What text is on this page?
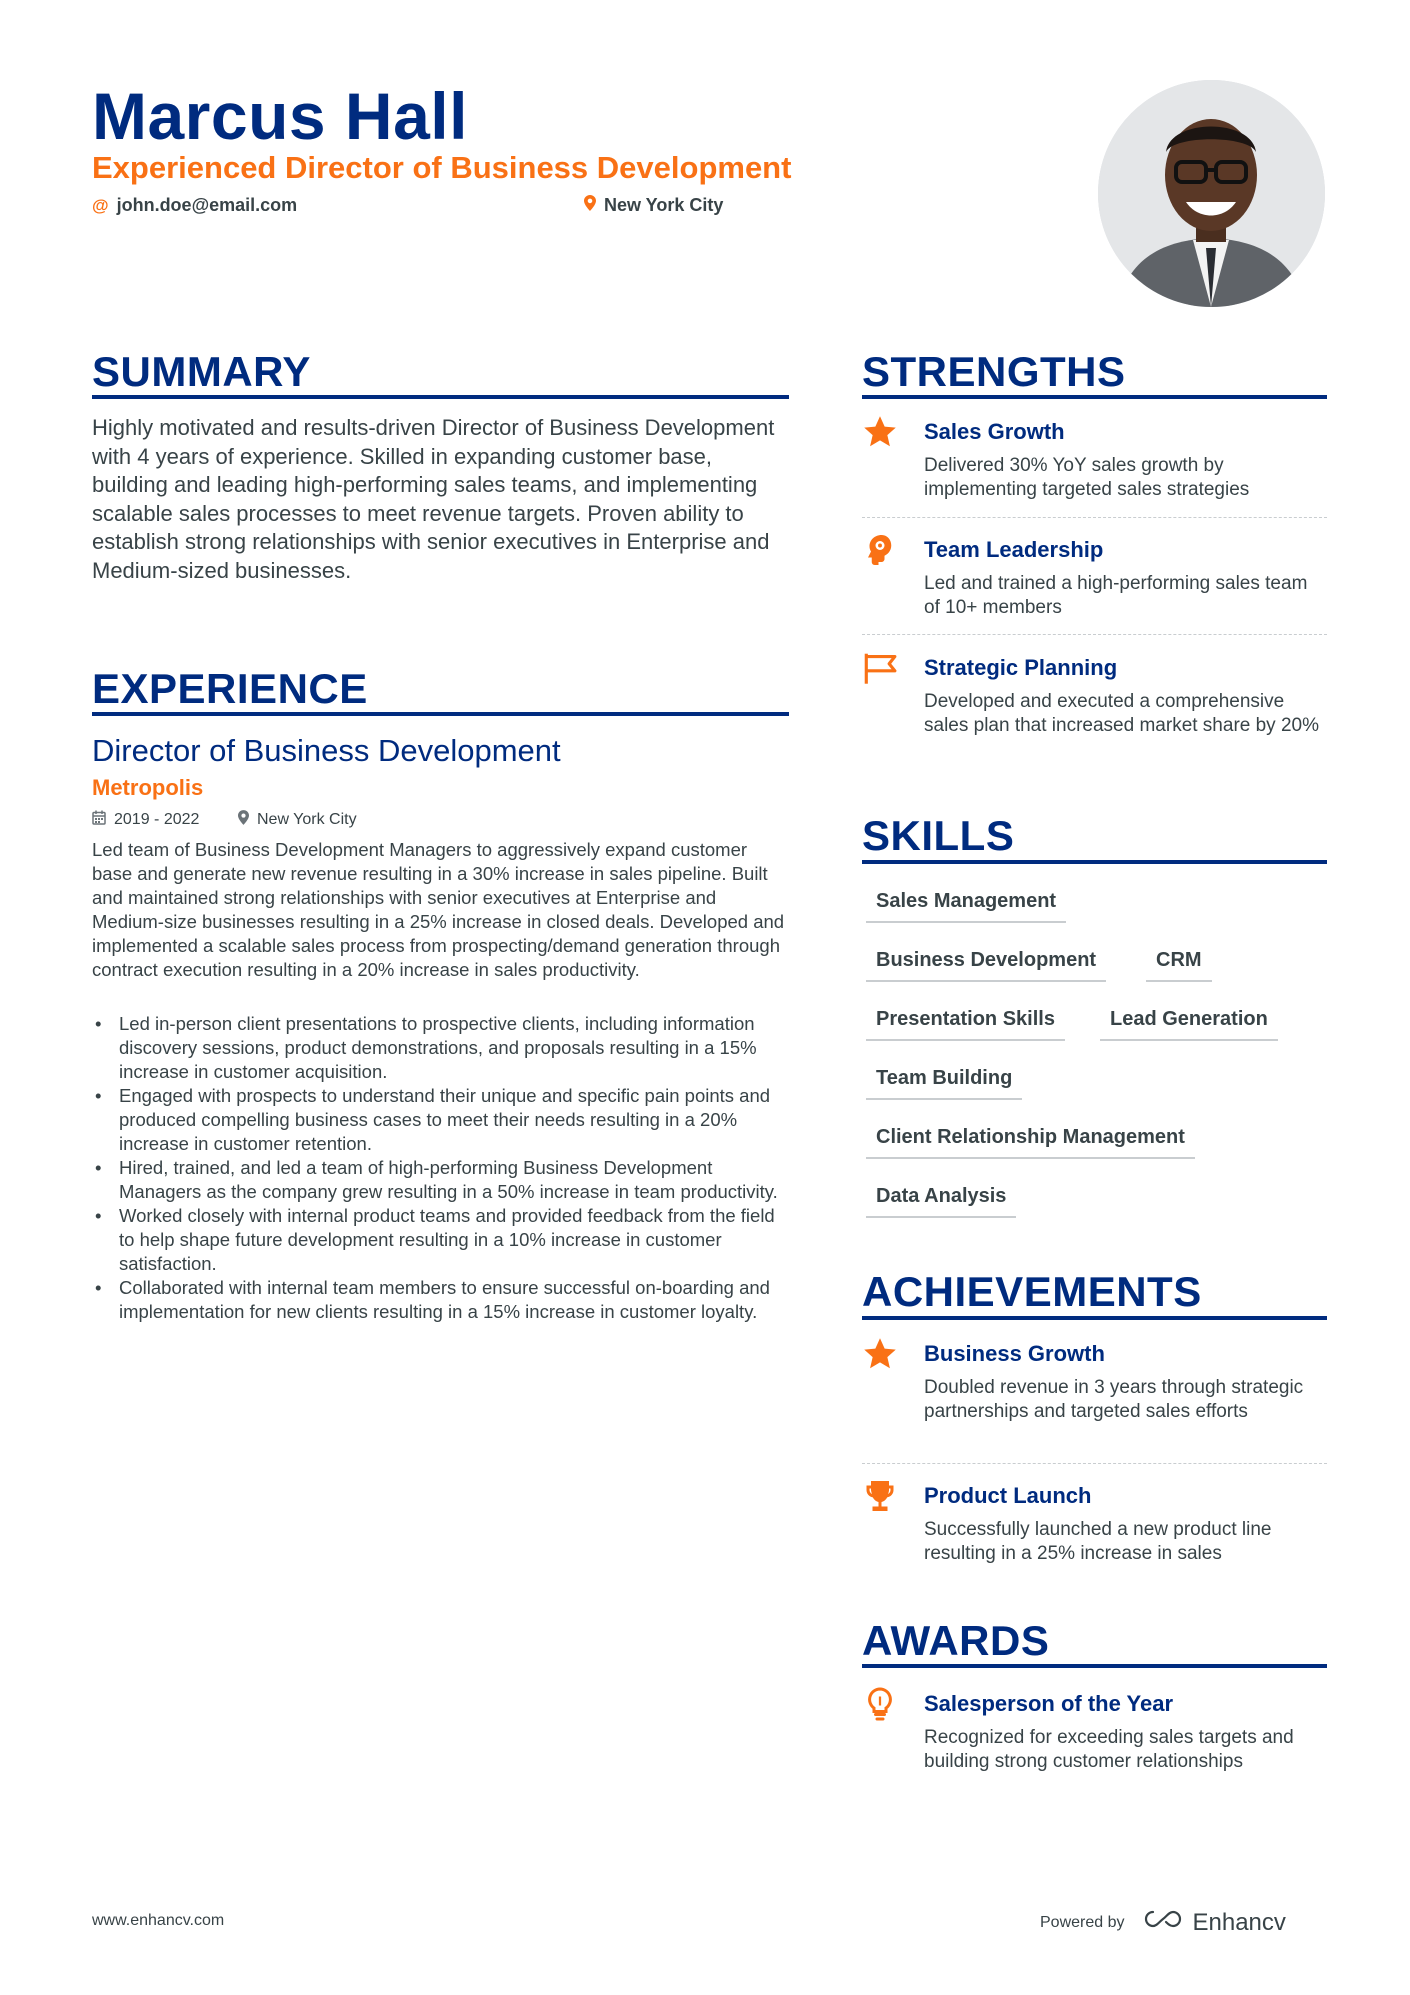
Marcus Hall
Experienced Director of Business Development
@ john.doe@email.com	New York City
SUMMARY
Highly motivated and results-driven Director of Business Development with 4 years of experience. Skilled in expanding customer base, building and leading high-performing sales teams, and implementing scalable sales processes to meet revenue targets. Proven ability to establish strong relationships with senior executives in Enterprise and Medium-sized businesses.
EXPERIENCE
Director of Business Development
Metropolis
2019 - 2022	New York City
Led team of Business Development Managers to aggressively expand customer base and generate new revenue resulting in a 30% increase in sales pipeline. Built and maintained strong relationships with senior executives at Enterprise and Medium-size businesses resulting in a 25% increase in closed deals. Developed and implemented a scalable sales process from prospecting/demand generation through contract execution resulting in a 20% increase in sales productivity.
• Led in-person client presentations to prospective clients, including information discovery sessions, product demonstrations, and proposals resulting in a 15% increase in customer acquisition.
• Engaged with prospects to understand their unique and specific pain points and produced compelling business cases to meet their needs resulting in a 20% increase in customer retention.
• Hired, trained, and led a team of high-performing Business Development Managers as the company grew resulting in a 50% increase in team productivity.
• Worked closely with internal product teams and provided feedback from the field to help shape future development resulting in a 10% increase in customer satisfaction.
• Collaborated with internal team members to ensure successful on-boarding and implementation for new clients resulting in a 15% increase in customer loyalty.
STRENGTHS
Sales Growth
Delivered 30% YoY sales growth by implementing targeted sales strategies
Team Leadership
Led and trained a high-performing sales team of 10+ members
Strategic Planning
Developed and executed a comprehensive sales plan that increased market share by 20%
SKILLS
Sales Management
Business Development	CRM
Presentation Skills	Lead Generation
Team Building
Client Relationship Management
Data Analysis
ACHIEVEMENTS
Business Growth
Doubled revenue in 3 years through strategic partnerships and targeted sales efforts
Product Launch
Successfully launched a new product line resulting in a 25% increase in sales
AWARDS
Salesperson of the Year
Recognized for exceeding sales targets and building strong customer relationships
www.enhancv.com	Powered by	Enhancv
